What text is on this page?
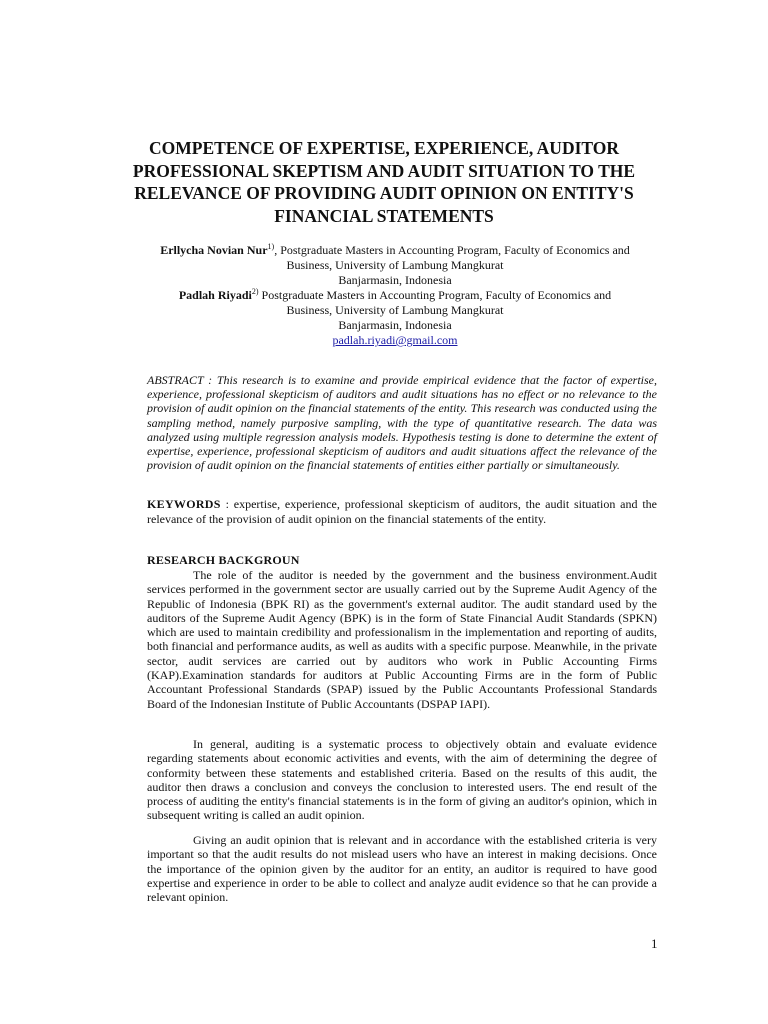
COMPETENCE OF EXPERTISE, EXPERIENCE, AUDITOR PROFESSIONAL SKEPTISM AND AUDIT SITUATION TO THE RELEVANCE OF PROVIDING AUDIT OPINION ON ENTITY'S FINANCIAL STATEMENTS
Erllycha Novian Nur$^{1)}$, Postgraduate Masters in Accounting Program, Faculty of Economics and
Business, University of Lambung Mangkurat
Banjarmasin, Indonesia
Padlah Riyadi$^{2)}$ Postgraduate Masters in Accounting Program, Faculty of Economics and
Business, University of Lambung Mangkurat
Banjarmasin, Indonesia
padlah.riyadi@gmail.com

ABSTRACT : This research is to examine and provide empirical evidence that the factor of expertise, experience, professional skepticism of auditors and audit situations has no effect or no relevance to the provision of audit opinion on the financial statements of the entity. This research was conducted using the sampling method, namely purposive sampling, with the type of quantitative research. The data was analyzed using multiple regression analysis models. Hypothesis testing is done to determine the extent of expertise, experience, professional skepticism of auditors and audit situations affect the relevance of the provision of audit opinion on the financial statements of entities either partially or simultaneously.

KEYWORDS : expertise, experience, professional skepticism of auditors, the audit situation and the relevance of the provision of audit opinion on the financial statements of the entity.

RESEARCH BACKGROUN

The role of the auditor is needed by the government and the business environment.Audit services performed in the government sector are usually carried out by the Supreme Audit Agency of the Republic of Indonesia (BPK RI) as the government's external auditor. The audit standard used by the auditors of the Supreme Audit Agency (BPK) is in the form of State Financial Audit Standards (SPKN) which are used to maintain credibility and professionalism in the implementation and reporting of audits, both financial and performance audits, as well as audits with a specific purpose. Meanwhile, in the private sector, audit services are carried out by auditors who work in Public Accounting Firms (KAP).Examination standards for auditors at Public Accounting Firms are in the form of Public Accountant Professional Standards (SPAP) issued by the Public Accountants Professional Standards Board of the Indonesian Institute of Public Accountants (DSPAP IAPI).

In general, auditing is a systematic process to objectively obtain and evaluate evidence regarding statements about economic activities and events, with the aim of determining the degree of conformity between these statements and established criteria. Based on the results of this audit, the auditor then draws a conclusion and conveys the conclusion to interested users. The end result of the process of auditing the entity's financial statements is in the form of giving an auditor's opinion, which in subsequent writing is called an audit opinion.

Giving an audit opinion that is relevant and in accordance with the established criteria is very important so that the audit results do not mislead users who have an interest in making decisions. Once the importance of the opinion given by the auditor for an entity, an auditor is required to have good expertise and experience in order to be able to collect and analyze audit evidence so that he can provide a relevant opinion.

1
